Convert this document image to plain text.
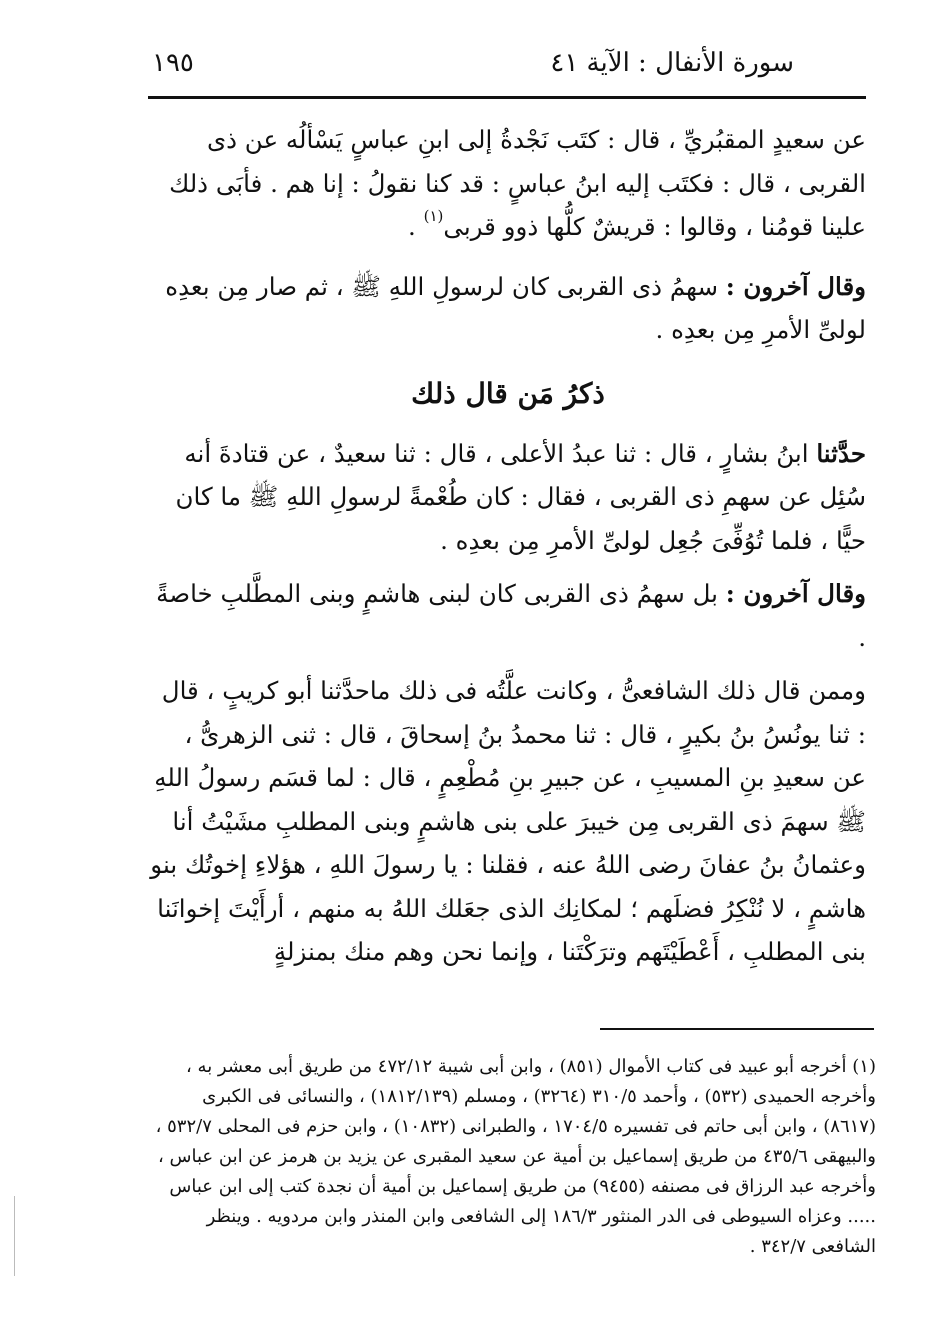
سورة الأنفال : الآية ٤١
١٩٥

عن سعيدٍ المقبُريِّ ، قال : كتَب نَجْدةُ إلى ابنِ عباسٍ يَسْألُه عن ذى القربى ، قال : فكتَب إليه ابنُ عباسٍ : قد كنا نقولُ : إنا هم . فأبَى ذلك علينا قومُنا ، وقالوا : قريشٌ كلُّها ذوو قربى$^{(١)}$ .

وقال آخرون : سهمُ ذى القربى كان لرسولِ اللهِ ﷺ ، ثم صار مِن بعدِه لولىِّ الأمرِ مِن بعدِه .

ذكرُ مَن قال ذلك

حدَّثنا ابنُ بشارٍ ، قال : ثنا عبدُ الأعلى ، قال : ثنا سعيدٌ ، عن قتادةَ أنه سُئِل عن سهمِ ذى القربى ، فقال : كان طُعْمةً لرسولِ اللهِ ﷺ ما كان حيًّا ، فلما تُوُفِّىَ جُعِل لولىِّ الأمرِ مِن بعدِه .

وقال آخرون : بل سهمُ ذى القربى كان لبنى هاشمٍ وبنى المطَّلبِ خاصةً .

وممن قال ذلك الشافعىُّ ، وكانت علَّتُه فى ذلك ماحدَّثنا أبو كريبٍ ، قال : ثنا يونُسُ بنُ بكيرٍ ، قال : ثنا محمدُ بنُ إسحاقَ ، قال : ثنى الزهرىُّ ، عن سعيدِ بنِ المسيبِ ، عن جبيرِ بنِ مُطْعِمٍ ، قال : لما قسَم رسولُ اللهِ ﷺ سهمَ ذى القربى مِن خيبرَ على بنى هاشمٍ وبنى المطلبِ مشَيْتُ أنا وعثمانُ بنُ عفانَ رضى اللهُ عنه ، فقلنا : يا رسولَ اللهِ ، هؤلاءِ إخوتُك بنو هاشمٍ ، لا نُنْكِرُ فضلَهم ؛ لمكانِك الذى جعَلك اللهُ به منهم ، أرأَيْتَ إخوانَنا بنى المطلبِ ، أَعْطَيْتَهم وترَكْتَنا ، وإنما نحن وهم منك بمنزلةٍ

(١) أخرجه أبو عبيد فى كتاب الأموال (٨٥١) ، وابن أبى شيبة ٤٧٢/١٢ من طريق أبى معشر به ، وأخرجه الحميدى (٥٣٢) ، وأحمد ٣١٠/٥ (٣٢٦٤) ، ومسلم (١٨١٢/١٣٩) ، والنسائى فى الكبرى (٨٦١٧) ، وابن أبى حاتم فى تفسيره ١٧٠٤/٥ ، والطبرانى (١٠٨٣٢) ، وابن حزم فى المحلى ٥٣٢/٧ ، والبيهقى ٤٣٥/٦ من طريق إسماعيل بن أمية عن سعيد المقبرى عن يزيد بن هرمز عن ابن عباس ، وأخرجه عبد الرزاق فى مصنفه (٩٤٥٥) من طريق إسماعيل بن أمية أن نجدة كتب إلى ابن عباس ..... وعزاه السيوطى فى الدر المنثور ١٨٦/٣ إلى الشافعى وابن المنذر وابن مردويه . وينظر الشافعى ٣٤٢/٧ .
